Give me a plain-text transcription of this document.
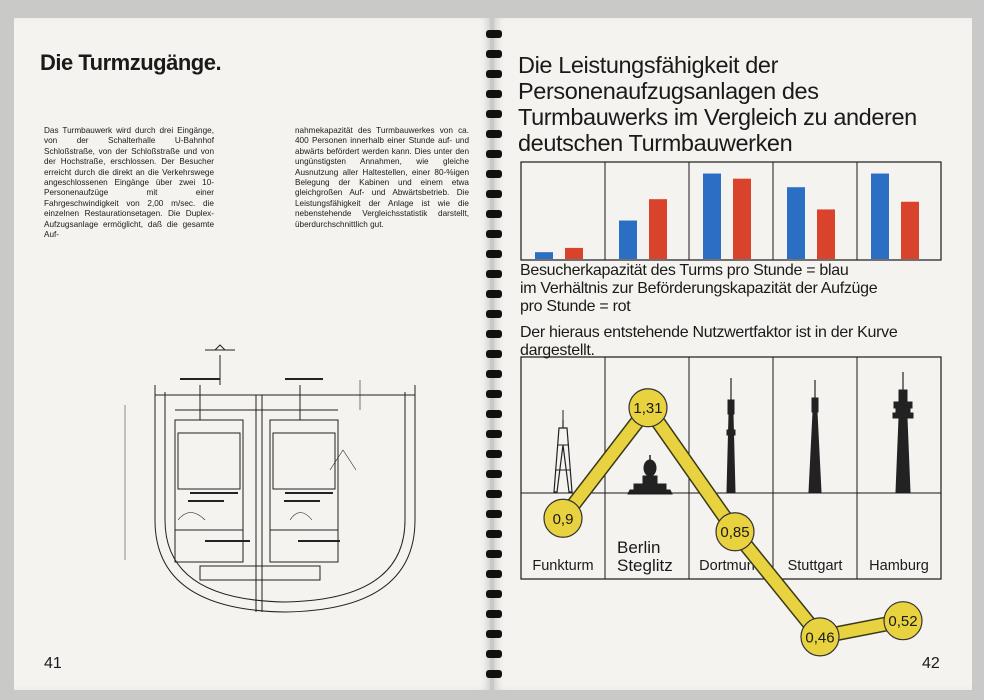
Die Turmzugänge.

Das Turmbauwerk wird durch drei Eingänge, von der Schalterhalle U-Bahnhof Schloßstraße, von der Schloßstraße und von der Hochstraße, erschlossen. Der Besucher erreicht durch die direkt an die Verkehrswege angeschlossenen Eingänge über zwei 10-Personenaufzüge mit einer Fahrgeschwindigkeit von 2,00 m/sec. die einzelnen Restaurationsetagen. Die Duplex-Aufzugsanlage ermöglicht, daß die gesamte Auf-

nahmekapazität des Turmbauwerkes von ca. 400 Personen innerhalb einer Stunde auf- und abwärts befördert werden kann. Dies unter den ungünstigsten Annahmen, wie gleiche Ausnutzung aller Haltestellen, einer 80-%igen Belegung der Kabinen und einem etwa gleichgroßen Auf- und Abwärtsbetrieb. Die Leistungsfähigkeit der Anlage ist wie die nebenstehende Vergleichsstatistik darstellt, überdurchschnittlich gut.

41

Die Leistungsfähigkeit der Personenaufzugsanlagen des Turmbauwerks im Vergleich zu anderen deutschen Turmbauwerken
Besucherkapazität des Turms pro Stunde = blau
im Verhältnis zur Beförderungskapazität der Aufzüge
pro Stunde = rot
Der hieraus entstehende Nutzwertfaktor ist in der Kurve
dargestellt.
Funkturm
Berlin
Steglitz Dortmund Stuttgart Hamburg
0,9
1,31
0,85
0,46
0,52

42
